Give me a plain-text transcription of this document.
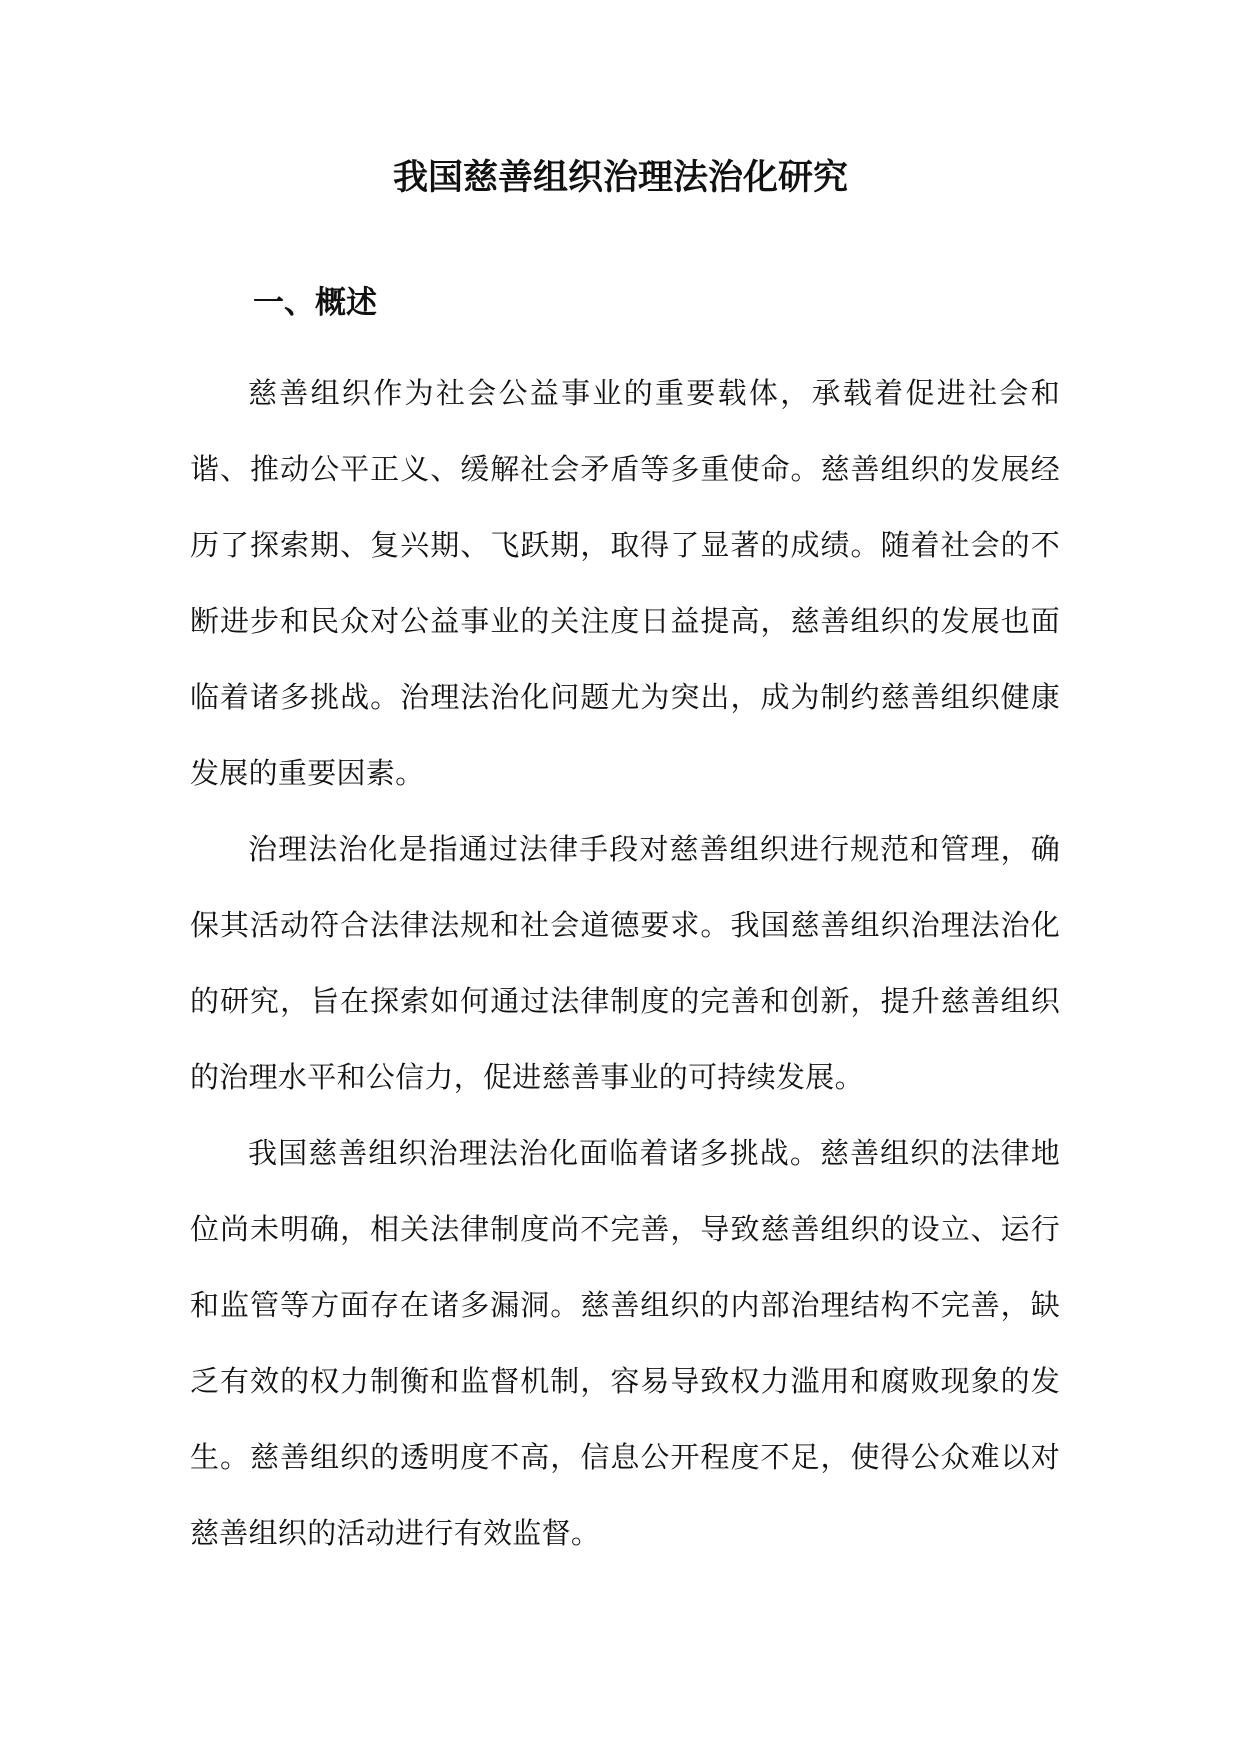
我国慈善组织治理法治化研究
一、概述

慈善组织作为社会公益事业的重要载体，承载着促进社会和谐、推动公平正义、缓解社会矛盾等多重使命。慈善组织的发展经历了探索期、复兴期、飞跃期，取得了显著的成绩。随着社会的不断进步和民众对公益事业的关注度日益提高，慈善组织的发展也面临着诸多挑战。治理法治化问题尤为突出，成为制约慈善组织健康发展的重要因素。

治理法治化是指通过法律手段对慈善组织进行规范和管理，确保其活动符合法律法规和社会道德要求。我国慈善组织治理法治化的研究，旨在探索如何通过法律制度的完善和创新，提升慈善组织的治理水平和公信力，促进慈善事业的可持续发展。

我国慈善组织治理法治化面临着诸多挑战。慈善组织的法律地位尚未明确，相关法律制度尚不完善，导致慈善组织的设立、运行和监管等方面存在诸多漏洞。慈善组织的内部治理结构不完善，缺乏有效的权力制衡和监督机制，容易导致权力滥用和腐败现象的发生。慈善组织的透明度不高，信息公开程度不足，使得公众难以对慈善组织的活动进行有效监督。
